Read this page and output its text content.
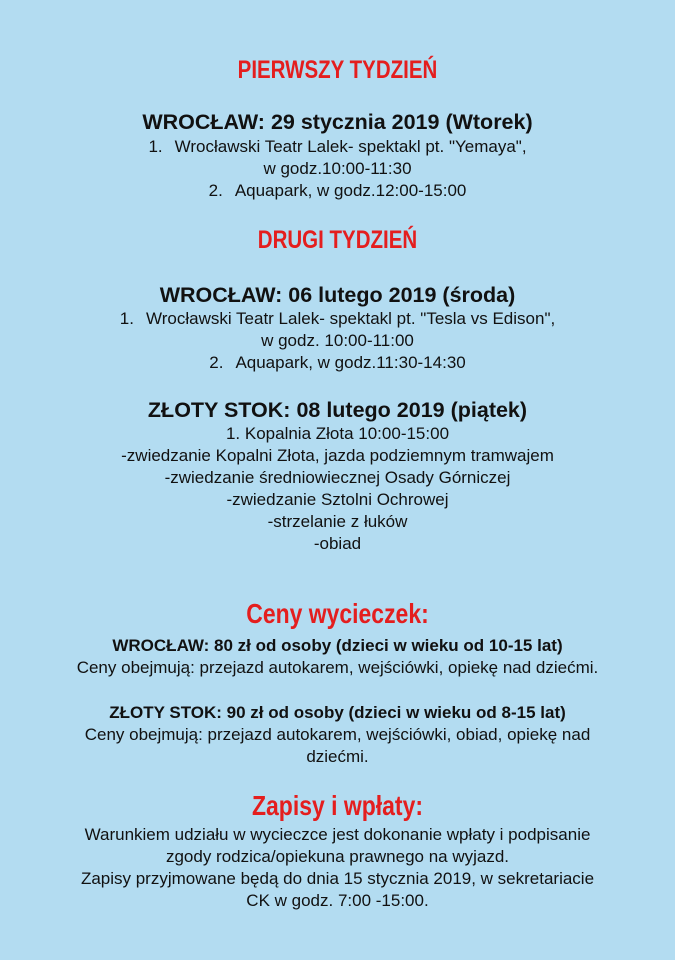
PIERWSZY TYDZIEŃ
WROCŁAW: 29 stycznia 2019 (Wtorek)
1. Wrocławski Teatr Lalek- spektakl pt. "Yemaya",
w godz.10:00-11:30
2. Aquapark, w godz.12:00-15:00
DRUGI TYDZIEŃ
WROCŁAW: 06 lutego 2019 (środa)
1. Wrocławski Teatr Lalek- spektakl pt. "Tesla vs Edison",
w godz. 10:00-11:00
2. Aquapark, w godz.11:30-14:30
ZŁOTY STOK: 08 lutego 2019 (piątek)
1. Kopalnia Złota 10:00-15:00
-zwiedzanie Kopalni Złota, jazda podziemnym tramwajem
-zwiedzanie średniowiecznej Osady Górniczej
-zwiedzanie Sztolni Ochrowej
-strzelanie z łuków
-obiad
Ceny wycieczek:
WROCŁAW: 80 zł od osoby (dzieci w wieku od 10-15 lat)
Ceny obejmują: przejazd autokarem, wejściówki, opiekę nad dziećmi.
ZŁOTY STOK: 90 zł od osoby (dzieci w wieku od 8-15 lat)
Ceny obejmują: przejazd autokarem, wejściówki, obiad, opiekę nad
dziećmi.
Zapisy i wpłaty:
Warunkiem udziału w wycieczce jest dokonanie wpłaty i podpisanie
zgody rodzica/opiekuna prawnego na wyjazd.
Zapisy przyjmowane będą do dnia 15 stycznia 2019, w sekretariacie
CK w godz. 7:00 -15:00.
